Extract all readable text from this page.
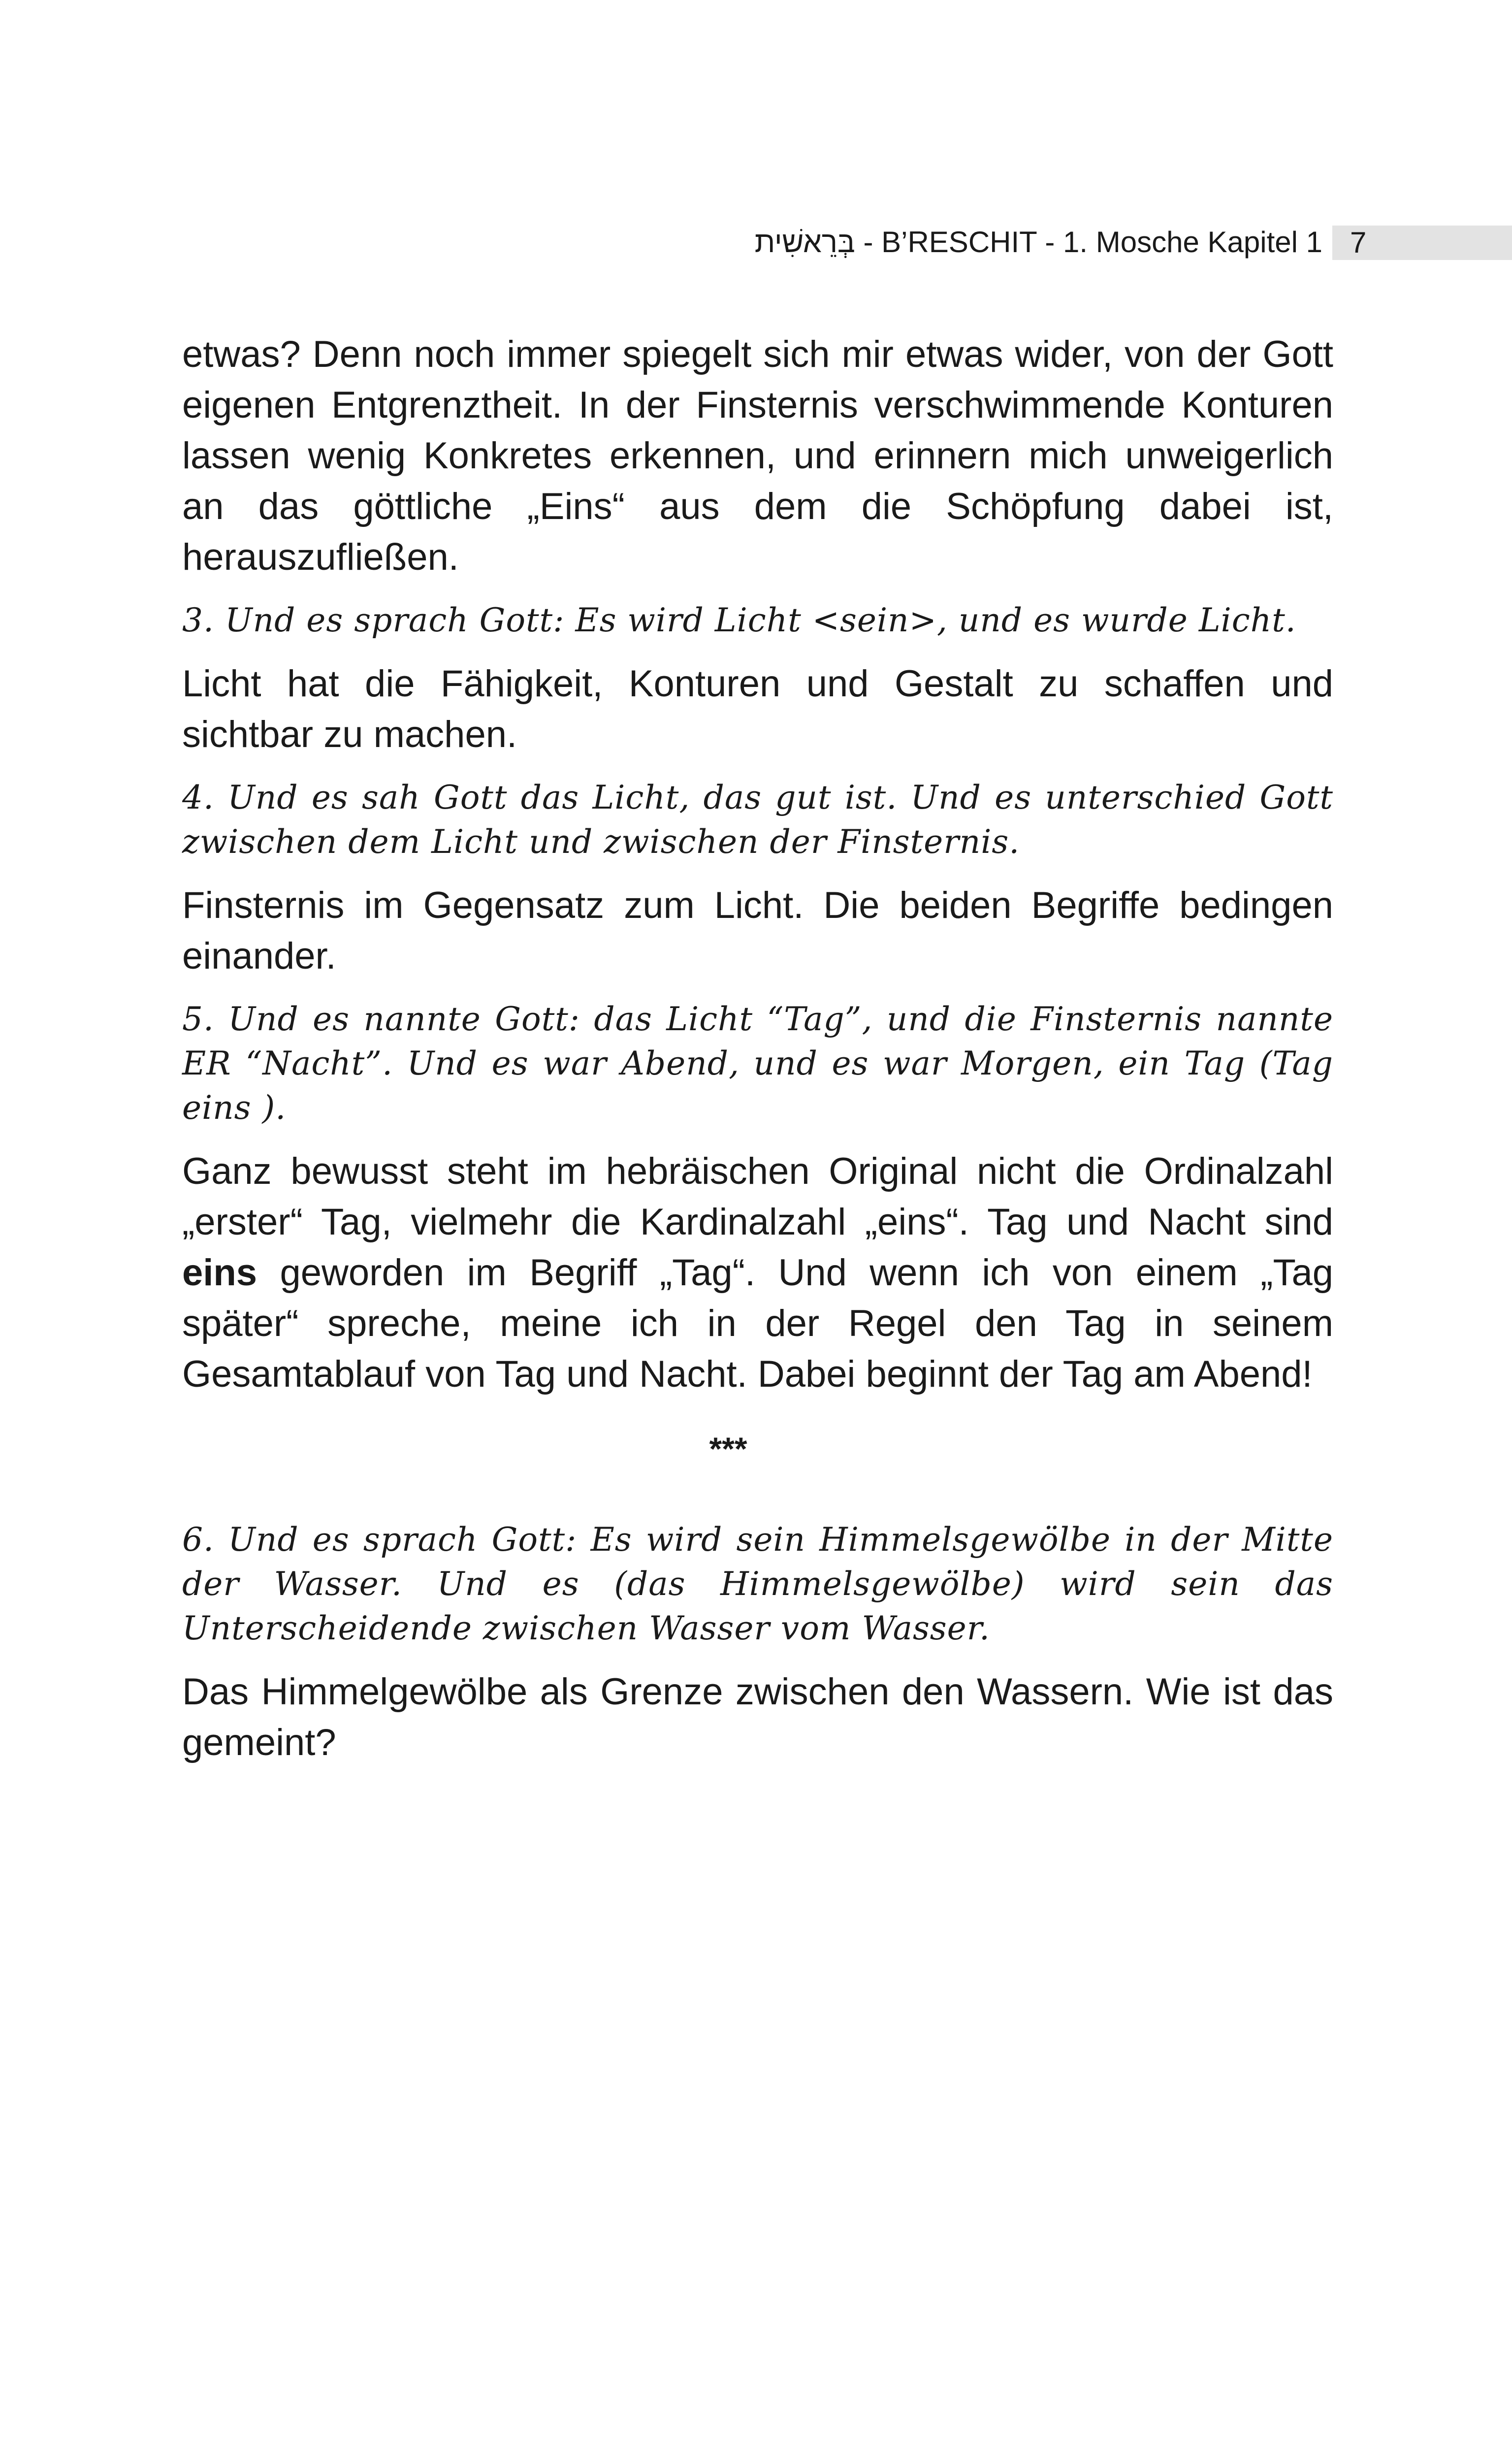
בְּרֵאשִׁית - B’RESCHIT - 1. Mosche Kapitel 1 7

etwas? Denn noch immer spiegelt sich mir etwas wider, von der Gott eigenen Entgrenztheit. In der Finsternis verschwimmende Konturen lassen wenig Konkretes erkennen, und erinnern mich unweigerlich an das göttliche „Eins“ aus dem die Schöpfung dabei ist, herauszufließen.

3. Und es sprach Gott: Es wird Licht <sein>, und es wurde Licht.

Licht hat die Fähigkeit, Konturen und Gestalt zu schaffen und sichtbar zu machen.

4. Und es sah Gott das Licht, das gut ist. Und es unterschied Gott zwischen dem Licht und zwischen der Finsternis.

Finsternis im Gegensatz zum Licht. Die beiden Begriffe bedingen einander.

5. Und es nannte Gott: das Licht “Tag”, und die Finsternis nannte ER “Nacht”. Und es war Abend, und es war Morgen, ein Tag (Tag eins ).

Ganz bewusst steht im hebräischen Original nicht die Ordinalzahl „erster“ Tag, vielmehr die Kardinalzahl „eins“. Tag und Nacht sind eins geworden im Begriff „Tag“. Und wenn ich von einem „Tag später“ spreche, meine ich in der Regel den Tag in seinem Gesamtablauf von Tag und Nacht. Dabei beginnt der Tag am Abend!

***

6. Und es sprach Gott: Es wird sein Himmelsgewölbe in der Mitte der Wasser. Und es (das Himmelsgewölbe) wird sein das Unterscheidende zwischen Wasser vom Wasser.

Das Himmelgewölbe als Grenze zwischen den Wassern. Wie ist das gemeint?
